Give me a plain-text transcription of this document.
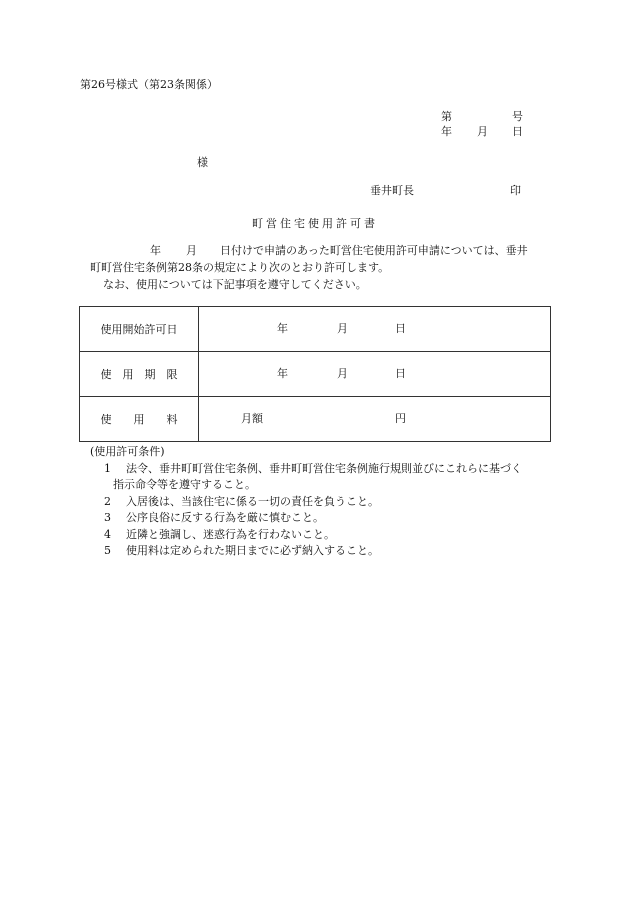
第26号様式（第23条関係）
第	号
年 月 日
様
垂井町長	印
町営住宅使用許可書
年 月 日付けで申請のあった町営住宅使用許可申請については、垂井
町町営住宅条例第28条の規定により次のとおり許可します。
なお、使用については下記事項を遵守してください。
使用開始許可日	年 月 日

使　用　期　限	年 月 日

使　　用　　料	月額 円
(使用許可条件)
1 法令、垂井町町営住宅条例、垂井町町営住宅条例施行規則並びにこれらに基づく
指示命令等を遵守すること。
2 入居後は、当該住宅に係る一切の責任を負うこと。
3 公序良俗に反する行為を厳に慎むこと。
4 近隣と強調し、迷惑行為を行わないこと。
5 使用料は定められた期日までに必ず納入すること。
